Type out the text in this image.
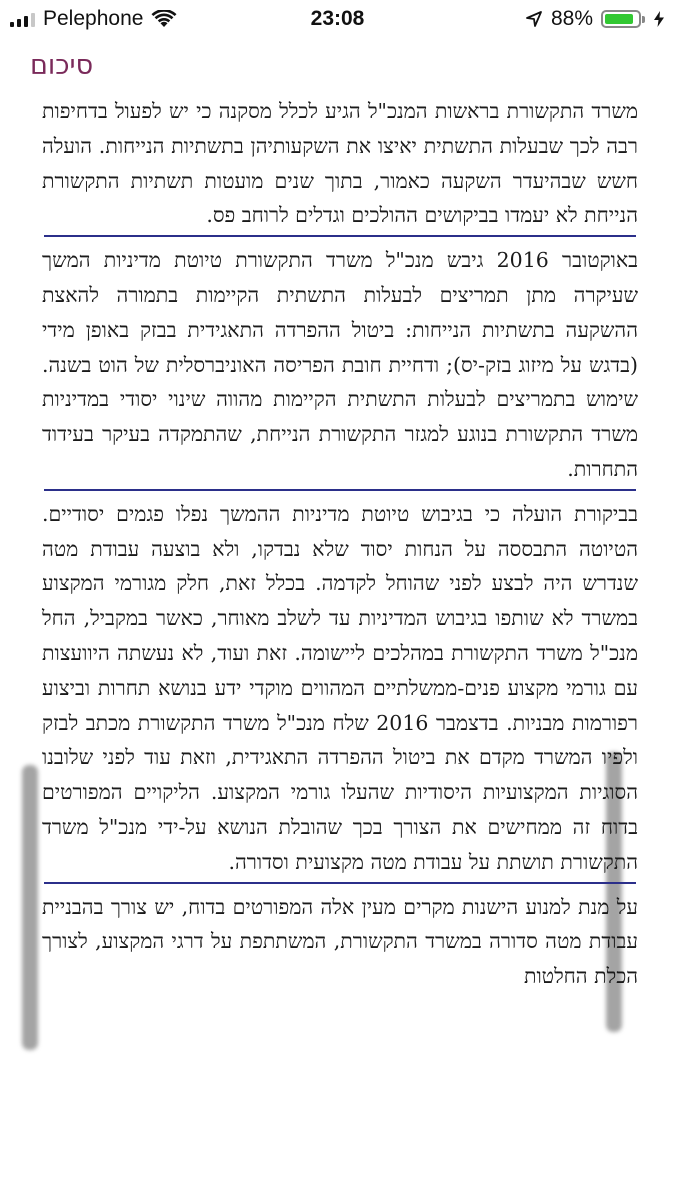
Pelephone	23:08	88%
סיכום

משרד התקשורת בראשות המנכ"ל הגיע לכלל מסקנה כי יש לפעול בדחיפות רבה לכך שבעלות התשתית יאיצו את השקעותיהן בתשתיות הנייחות. הועלה חשש שבהיעדר השקעה כאמור, בתוך שנים מועטות תשתיות התקשורת הנייחת לא יעמדו בביקושים ההולכים וגדלים לרוחב פס.

באוקטובר 2016 גיבש מנכ"ל משרד התקשורת טיוטת מדיניות המשך שעיקרה מתן תמריצים לבעלות התשתית הקיימות בתמורה להאצת ההשקעה בתשתיות הנייחות: ביטול ההפרדה התאגידית בבזק באופן מידי (בדגש על מיזוג בזק-יס); ודחיית חובת הפריסה האוניברסלית של הוט בשנה. שימוש בתמריצים לבעלות התשתית הקיימות מהווה שינוי יסודי במדיניות משרד התקשורת בנוגע למגזר התקשורת הנייחת, שהתמקדה בעיקר בעידוד התחרות.

בביקורת הועלה כי בגיבוש טיוטת מדיניות ההמשך נפלו פגמים יסודיים. הטיוטה התבססה על הנחות יסוד שלא נבדקו, ולא בוצעה עבודת מטה שנדרש היה לבצע לפני שהוחל לקדמה. בכלל זאת, חלק מגורמי המקצוע במשרד לא שותפו בגיבוש המדיניות עד לשלב מאוחר, כאשר במקביל, החל מנכ"ל משרד התקשורת במהלכים ליישומה. זאת ועוד, לא נעשתה היוועצות עם גורמי מקצוע פנים-ממשלתיים המהווים מוקדי ידע בנושא תחרות וביצוע רפורמות מבניות. בדצמבר 2016 שלח מנכ"ל משרד התקשורת מכתב לבזק ולפיו המשרד מקדם את ביטול ההפרדה התאגידית, וזאת עוד לפני שלובנו הסוגיות המקצועיות היסודיות שהעלו גורמי המקצוע. הליקויים המפורטים בדוח זה ממחישים את הצורך בכך שהובלת הנושא על-ידי מנכ"ל משרד התקשורת תושתת על עבודת מטה מקצועית וסדורה.

על מנת למנוע הישנות מקרים מעין אלה המפורטים בדוח, יש צורך בהבניית עבודת מטה סדורה במשרד התקשורת, המשתתפת על דרגי המקצוע, לצורך הכלת החלטות
